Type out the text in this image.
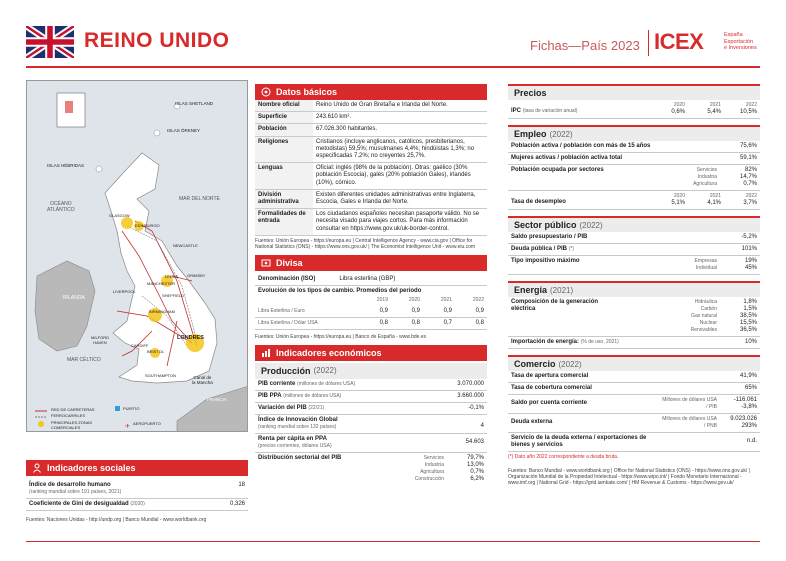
REINO UNIDO	Fichas—País 2023 ICEX	España
Exportación
e Inversiones
✈
ISLAS SHETLAND
ISLAS ÓRKNEY
ISLAS HÉBRIDAS
OCÉANO
ATLÁNTICO
MAR DEL NORTE
GLASGOW
EDIMBURGO
NEWCASTLE
LEEDS GRIMSBY
LIVERPOOL
MANCHESTER
SHEFFIELD
BIRMINGHAM
IRLANDA
MILFORD
HAVEN
CARDIFF
BRISTOL
LONDRES
MAR CÉLTICO
SOUTHAMPTON	Canal de
la Mancha
FRANCIA
RED DE CARRETERAS
FERROCARRILES
PRINCIPALES ZONAS
COMERCIALES
PUERTO
AEROPUERTO
Indicadores sociales
Índice de desarrollo humano
(ranking mundial sobre 191 países, 2021)
18
Coeficiente de Gini de desigualdad (2020)	0,326
Fuentes: Naciones Unidas - http://undp.org | Banco Mundial - www.worldbank.org
Datos básicos
Nombre oficial	Reino Unido de Gran Bretaña e Irlanda del Norte.
Superficie	243.610 km².
Población	67.026.300 habitantes.
Religiones	Cristianos (incluye anglicanos, católicos, presbiterianos, metodistas) 59,5%; musulmanes 4,4%; hindúistas 1,3%; no especificadas 7,2%; no creyentes 25,7%.
Lenguas	Oficial: inglés (98% de la población). Otras: gaélico (30% población Escocia), galés (20% población Gales), irlandés (10%), córnico.
División administrativa	Existen diferentes unidades administrativas entre Inglaterra, Escocia, Gales e Irlanda del Norte.
Formalidades de entrada	Los ciudadanos españoles necesitan pasaporte válido. No se necesita visado para viajes cortos. Para más información consultar en https://www.gov.uk/uk-border-control.
Fuentes: Unión Europea - https://europa.eu | Central Intelligence Agency - www.cia.gov | Office for National Statistics (ONS) - https://www.ons.gov.uk/ | The Economist Intelligence Unit - www.eiu.com
Divisa
Denominación (ISO)	Libra esterlina (GBP)
Evolución de los tipos de cambio. Promedios del periodo
2019	2020	2021	2022
Libra Esterlina / Euro	0,9	0,9	0,9	0,9
Libra Esterlina / Dólar USA	0,8	0,8	0,7	0,8
Fuentes: Unión Europea - https://europa.eu | Banco de España - www.bde.es
Indicadores económicos
Producción (2022)
PIB corriente (millones de dólares USA)	3.070.000
PIB PPA (millones de dólares USA)	3.660.000
Variación del PIB (22/21)	-0,1%
Índice de Innovación Global
(ranking mundial sobre 132 países)	4
Renta per cápita en PPA
(precios corrientes, dólares USA)
54.603
Distribución sectorial del PIB	Servicios	79,7%
Industria	13,0%
Agricultura	0,7%
Construcción	6,2%
Precios
IPC (tasa de variación anual)
2020	2021	2022
0,6%	5,4%	10,5%
Empleo (2022)
Población activa / población con más de 15 años	75,6%
Mujeres activas / población activa total	59,1%
Población ocupada por sectores	Servicios	82%
Industria	14,7%
Agricultura	0,7%
Tasa de desempleo
2020	2021	2022
5,1%	4,1%	3,7%
Sector público (2022)
Saldo presupuestario / PIB	-5,2%
Deuda pública / PIB (*)	101%
Tipo impositivo máximo	Empresas	19%
Individual	45%
Energía (2021)
Composición de la generación eléctrica
Hidráulica	1,8%
Carbón	1,5%
Gas natural	38,5%
Nuclear	15,5%
Renovables	36,5%
Importación de energía: (% de uso, 2021)	10%
Comercio (2022)
Tasa de apertura comercial	41,9%
Tasa de cobertura comercial	65%
Saldo por cuenta corriente	Millones de dólares USA	-116.061
/ PIB	-3,8%
Deuda externa	Millones de dólares USA	9.023.026
/ PNB	293%
Servicio de la deuda externa / exportaciones de bienes y servicios
n.d.
(*) Dato año 2022 correspondiente a deuda bruta.
Fuentes: Banco Mundial - www.worldbank.org | Office for National Statistics (ONS) - https://www.ons.gov.uk/ | Organización Mundial de la Propiedad Intelectual - https://www.wipo.int/ | Fondo Monetario Internacional - www.imf.org | National Grid - https://grid.iamkate.com/ | HM Revenue & Customs - https://www.gov.uk/
